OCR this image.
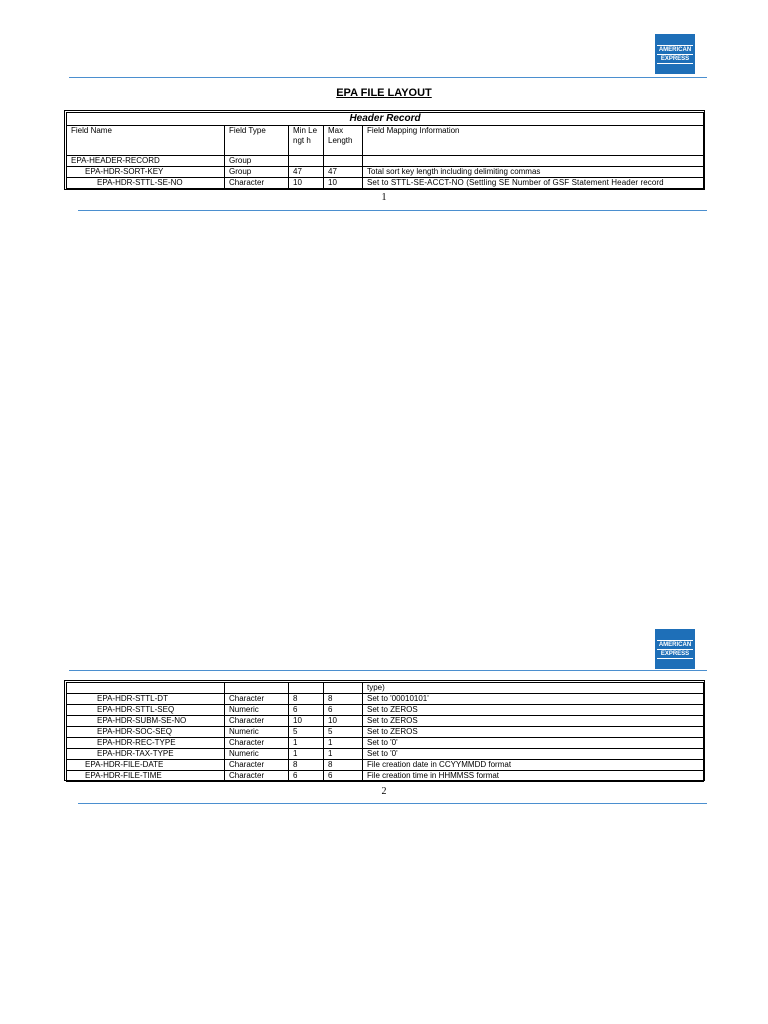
AMERICAN
EXPRESS
EPA FILE LAYOUT
Header Record				
Field Name	Field Type	Min Lengt h	Max Length	Field Mapping Information
EPA-HEADER-RECORD	Group			
EPA-HDR-SORT-KEY	Group	47	47	Total sort key length including delimiting commas
EPA-HDR-STTL-SE-NO	Character	10	10	Set to STTL-SE-ACCT-NO (Settling SE Number of GSF Statement Header record
1
AMERICAN
EXPRESS
				type)
EPA-HDR-STTL-DT	Character	8	8	Set to '00010101'
EPA-HDR-STTL-SEQ	Numeric	6	6	Set to ZEROS
EPA-HDR-SUBM-SE-NO	Character	10	10	Set to ZEROS
EPA-HDR-SOC-SEQ	Numeric	5	5	Set to ZEROS
EPA-HDR-REC-TYPE	Character	1	1	Set to '0'
EPA-HDR-TAX-TYPE	Numeric	1	1	Set to '0'
EPA-HDR-FILE-DATE	Character	8	8	File creation date in CCYYMMDD format
EPA-HDR-FILE-TIME	Character	6	6	File creation time in HHMMSS format
2
